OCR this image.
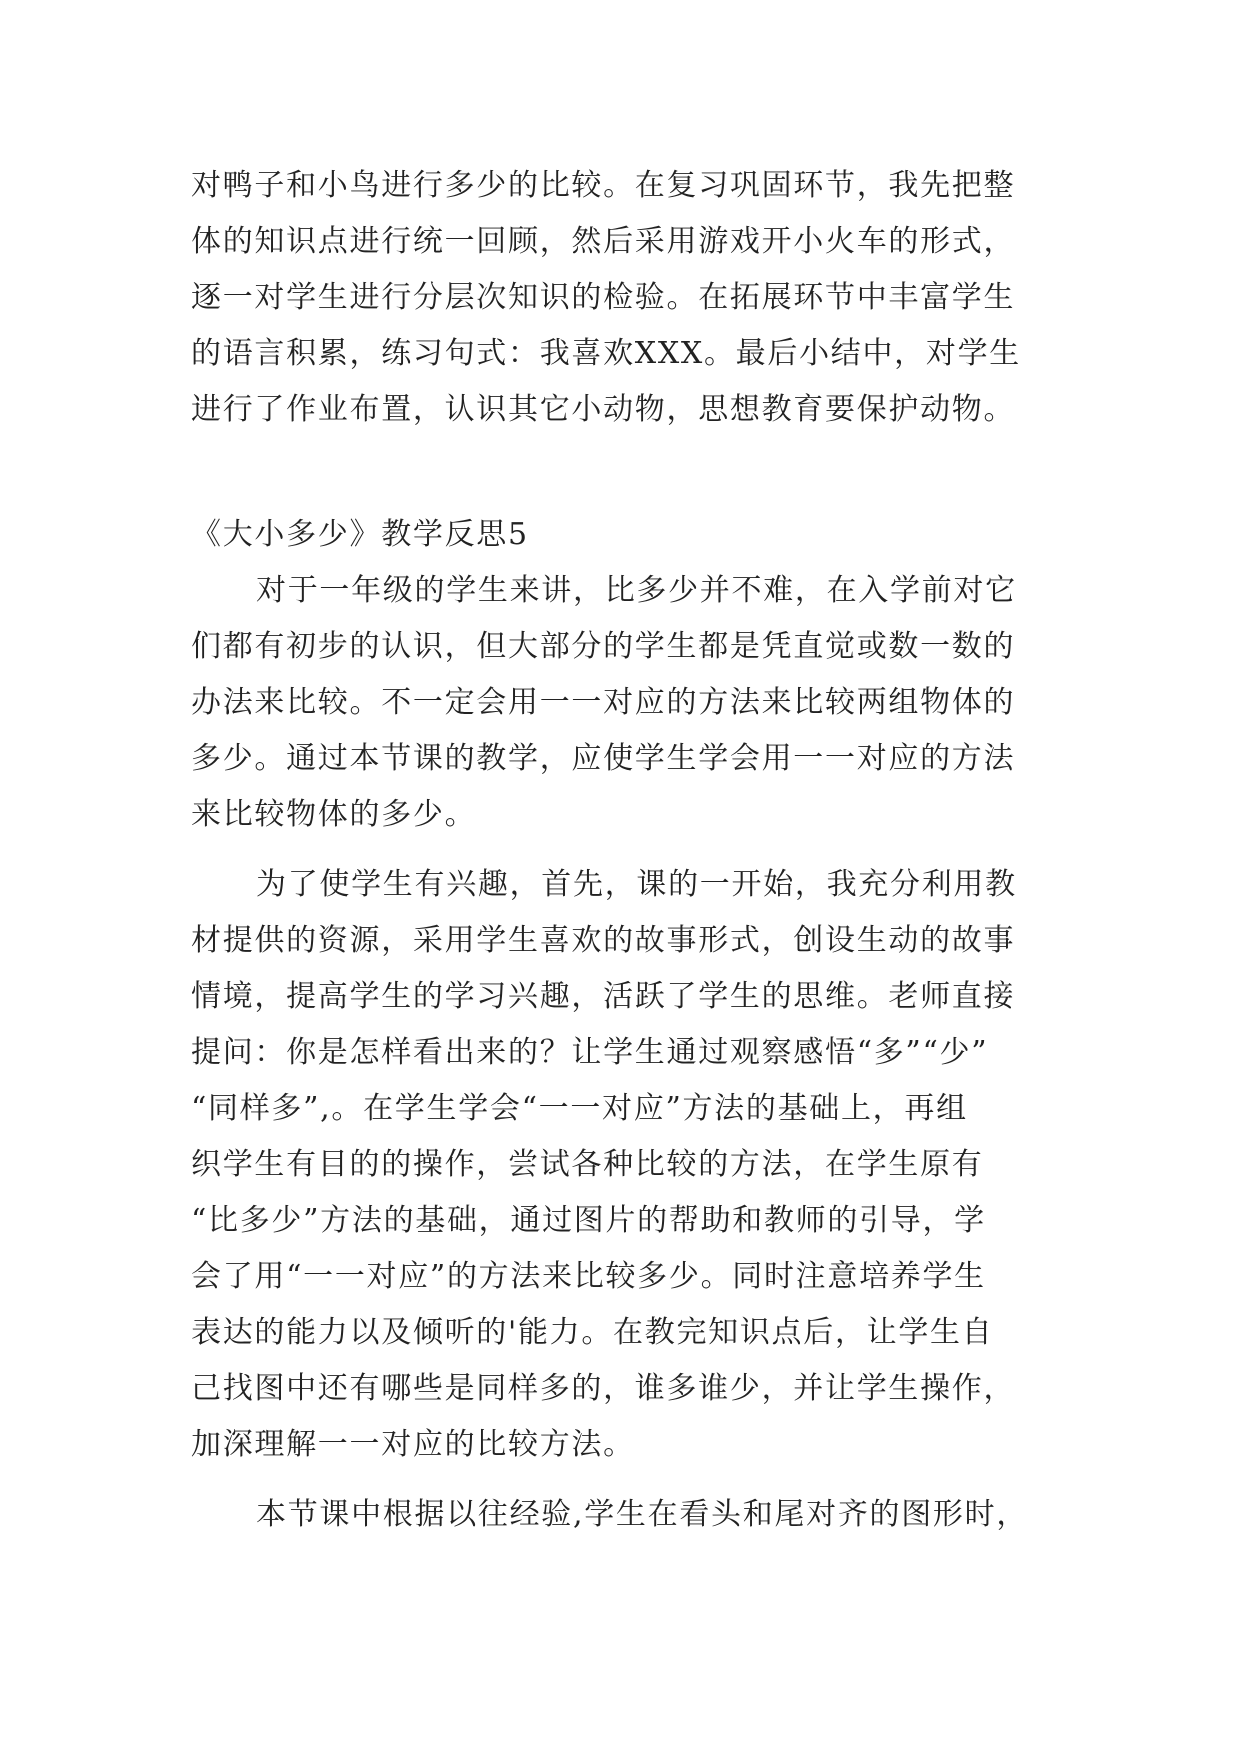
对鸭子和小鸟进行多少的比较。在复习巩固环节，我先把整
体的知识点进行统一回顾，然后采用游戏开小火车的形式，
逐一对学生进行分层次知识的检验。在拓展环节中丰富学生
的语言积累，练习句式：我喜欢XXX。最后小结中，对学生
进行了作业布置，认识其它小动物，思想教育要保护动物。
《大小多少》教学反思5
对于一年级的学生来讲，比多少并不难，在入学前对它
们都有初步的认识，但大部分的学生都是凭直觉或数一数的
办法来比较。不一定会用一一对应的方法来比较两组物体的
多少。通过本节课的教学，应使学生学会用一一对应的方法
来比较物体的多少。
为了使学生有兴趣，首先，课的一开始，我充分利用教
材提供的资源，采用学生喜欢的故事形式，创设生动的故事
情境，提高学生的学习兴趣，活跃了学生的思维。老师直接
提问：你是怎样看出来的？让学生通过观察感悟“多”“少”
“同样多”,。在学生学会“一一对应”方法的基础上，再组
织学生有目的的操作，尝试各种比较的方法，在学生原有
“比多少”方法的基础，通过图片的帮助和教师的引导，学
会了用“一一对应”的方法来比较多少。同时注意培养学生
表达的能力以及倾听的'能力。在教完知识点后，让学生自
己找图中还有哪些是同样多的，谁多谁少，并让学生操作，
加深理解一一对应的比较方法。
本节课中根据以往经验,学生在看头和尾对齐的图形时，
